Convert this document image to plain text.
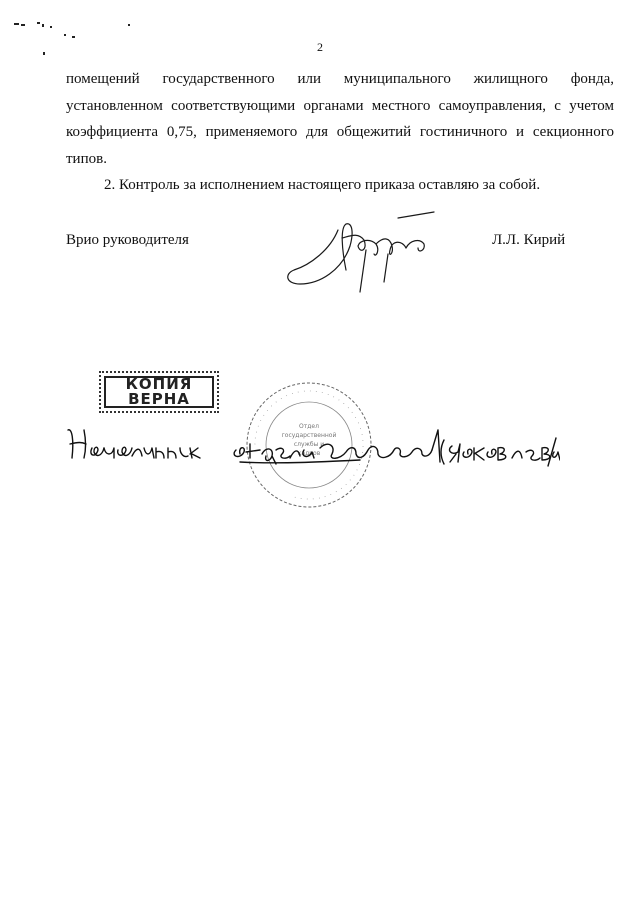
2

помещений государственного или муниципального жилищного фонда, установленном соответствующими органами местного самоуправления, с учетом коэффициента 0,75, применяемого для общежитий гостиничного и секционного типов.

2. Контроль за исполнением настоящего приказа оставляю за собой.

Врио руководителя	Л.Л. Кирий
КОПИЯ
ВЕРНА
· · · · · · · · · · · · · · · · · · · · · · · · · · · · · · · · · · · · · · · · · · · · ·
Отдел
государственной
службы и
кадров
